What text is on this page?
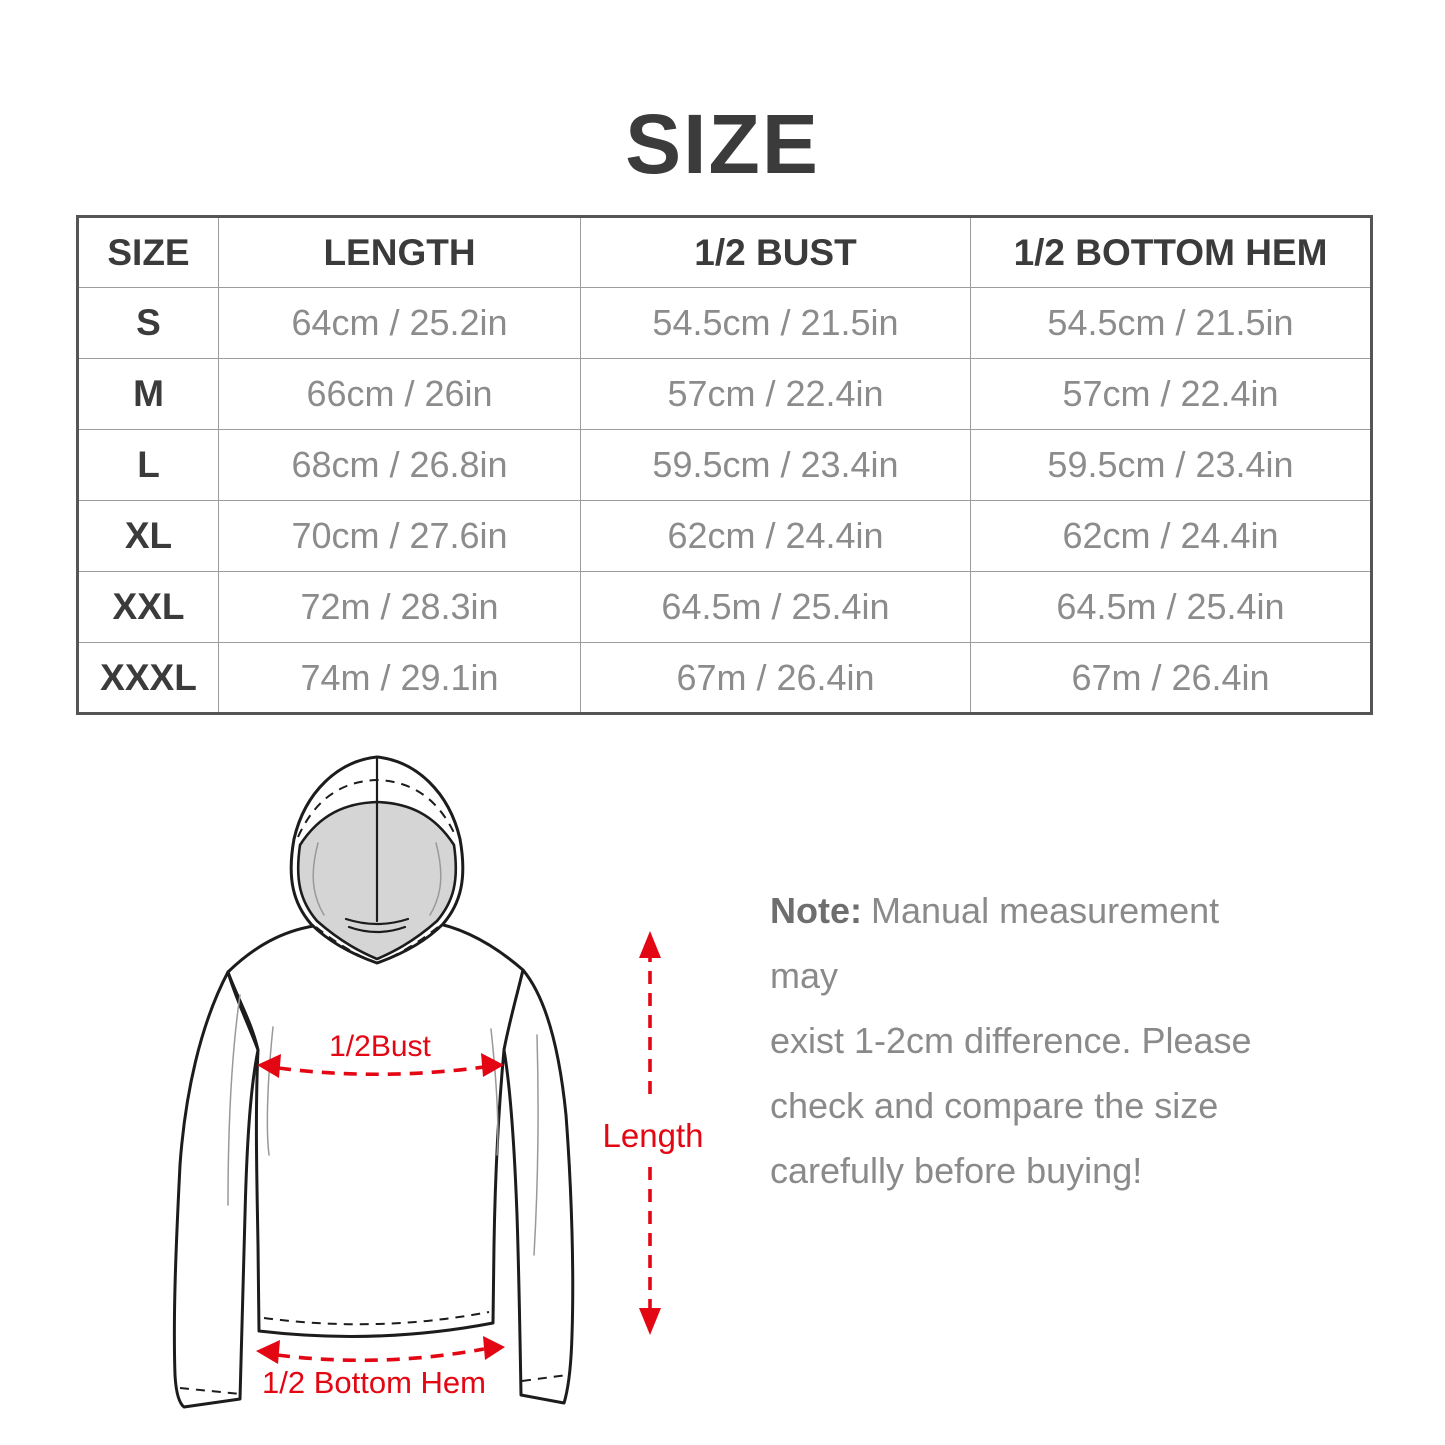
SIZE
SIZE	LENGTH	1/2 BUST	1/2 BOTTOM HEM
S	64cm / 25.2in	54.5cm / 21.5in	54.5cm / 21.5in
M	66cm / 26in	57cm / 22.4in	57cm / 22.4in
L	68cm / 26.8in	59.5cm / 23.4in	59.5cm / 23.4in
XL	70cm / 27.6in	62cm / 24.4in	62cm / 24.4in
XXL	72m / 28.3in	64.5m / 25.4in	64.5m / 25.4in
XXXL	74m / 29.1in	67m / 26.4in	67m / 26.4in
1/2Bust
1/2 Bottom Hem
Length
Note: Manual measurement may
exist 1-2cm difference. Please
check and compare the size
carefully before buying!
